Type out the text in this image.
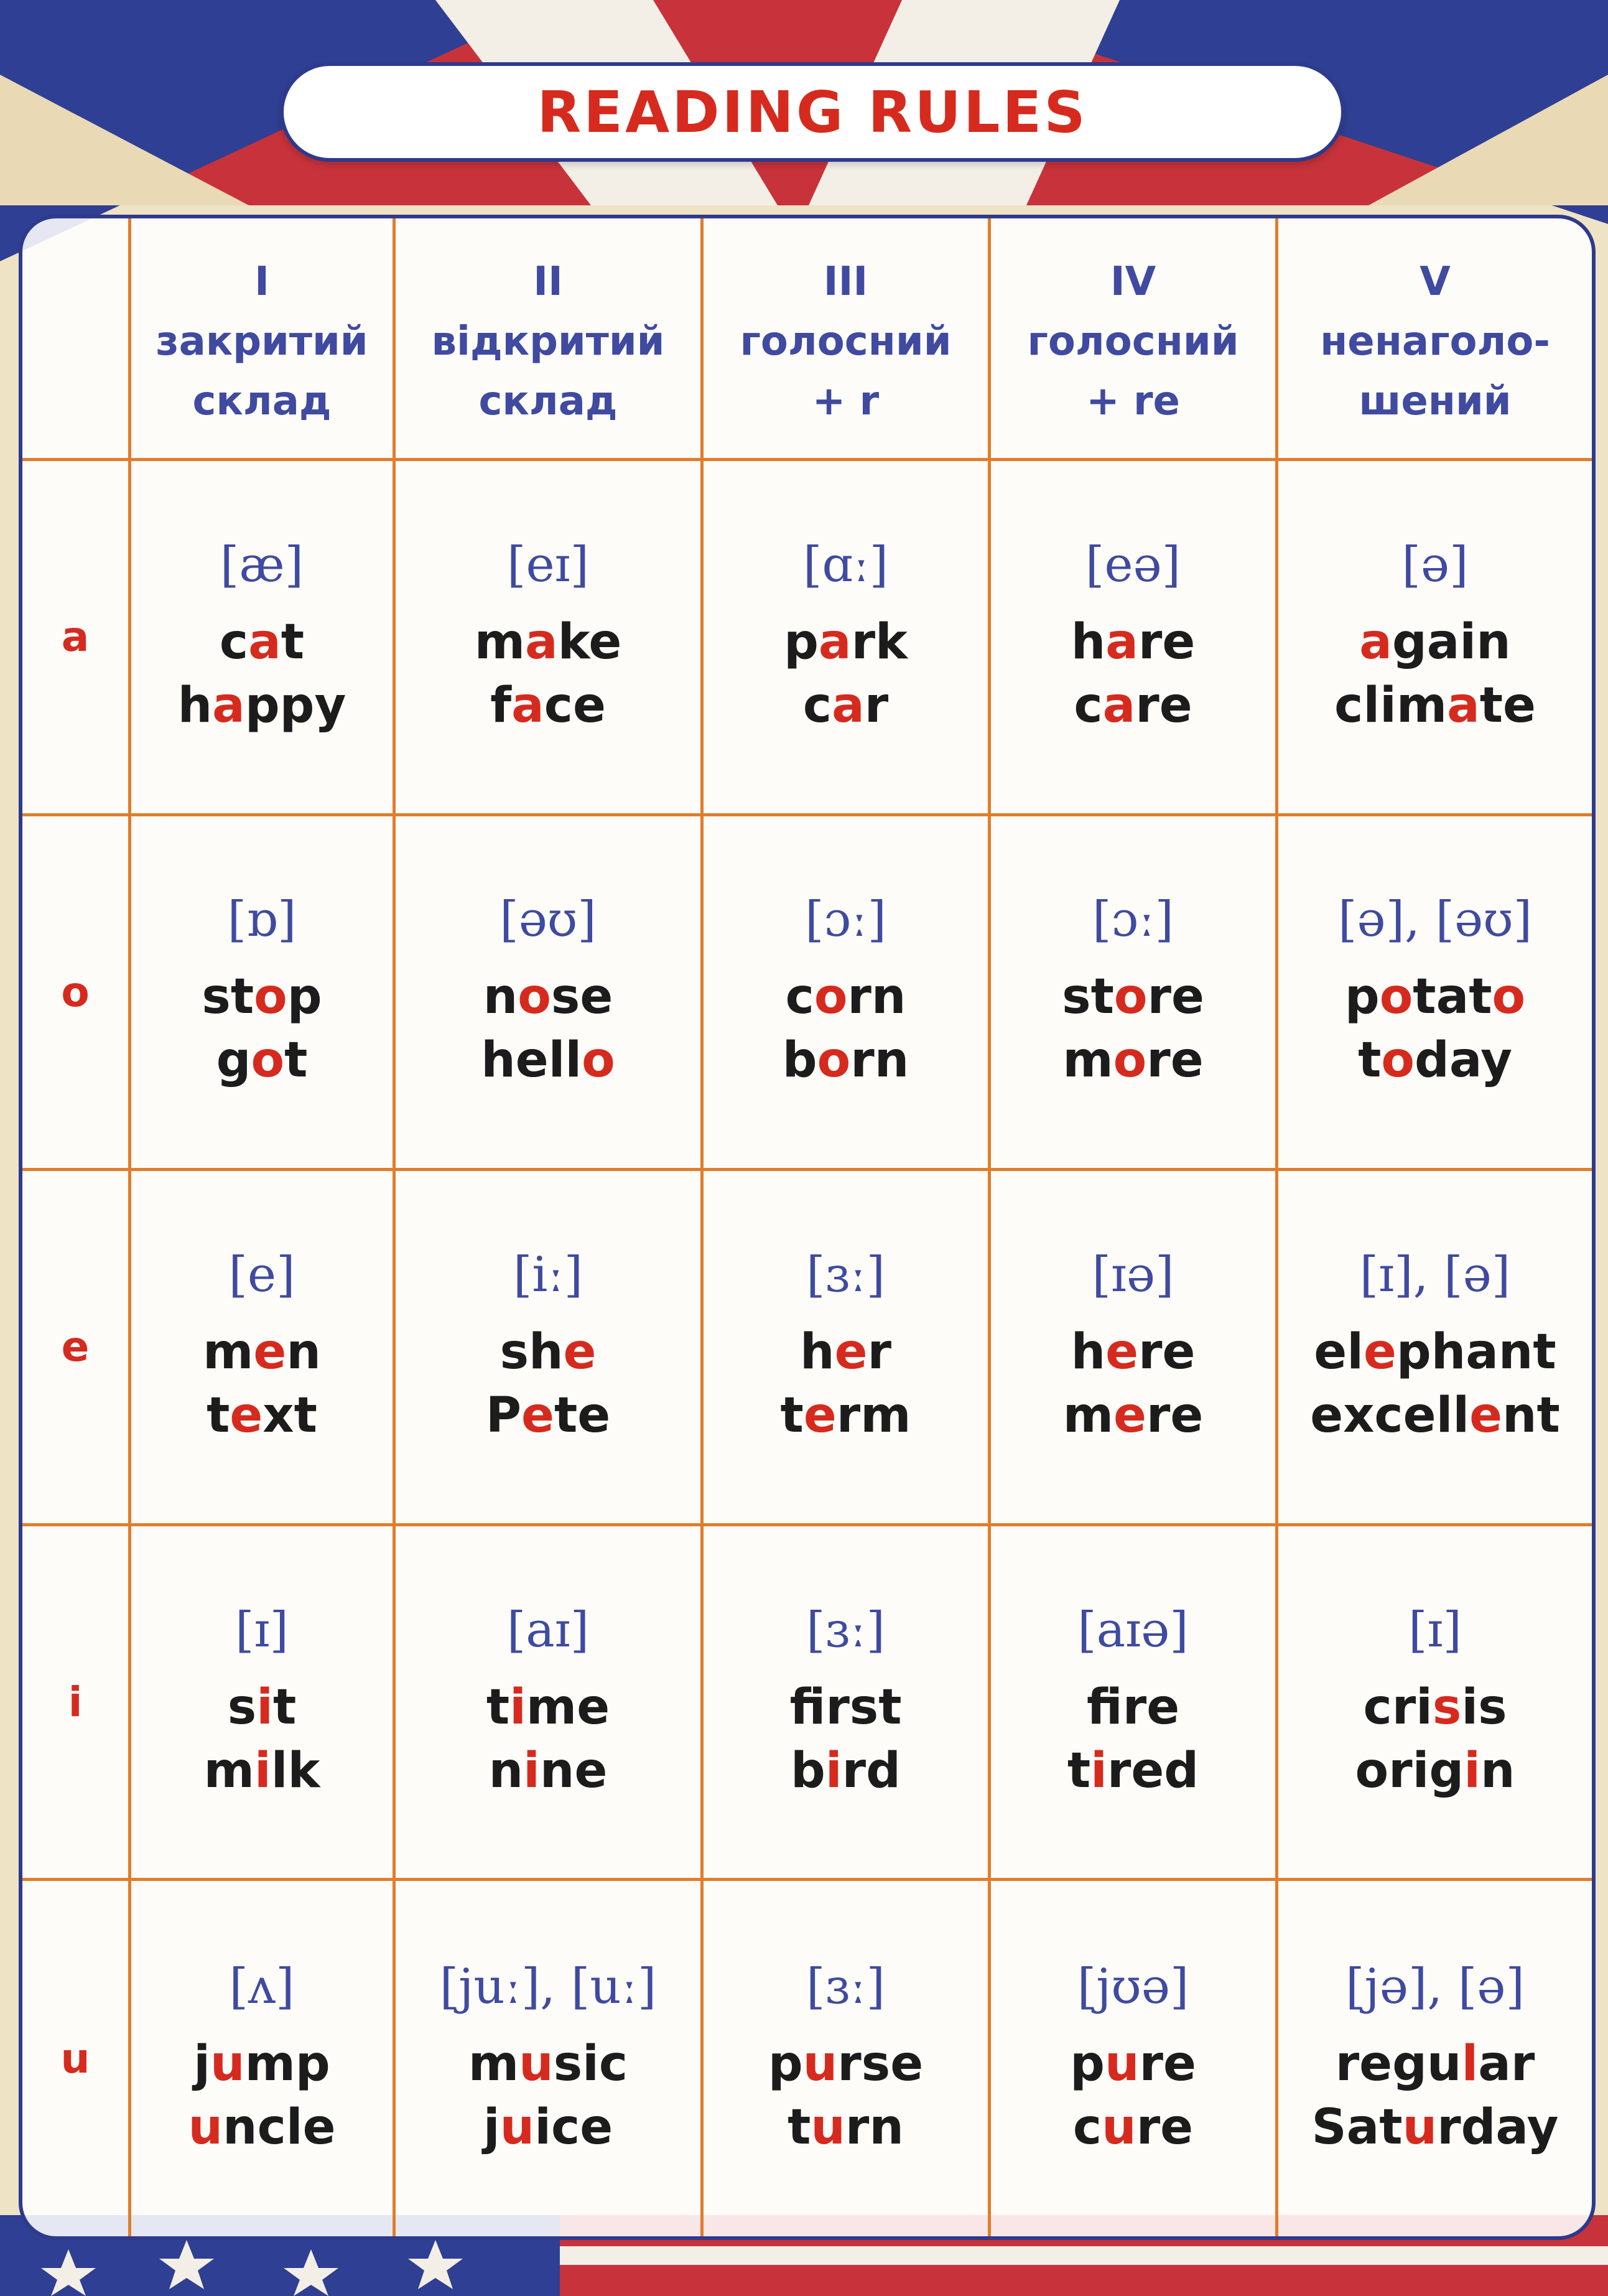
READING RULES
I
закритий
склад
II
відкритий
склад
III
голосний
+ r
IV
голосний
+ re
V
ненаголо-
шений
a
[æ]
cat
happy
[eɪ]
make
face
[ɑː]
park
car
[eə]
hare
care
[ə]
again
climate
o
[ɒ]
stop
got
[əʊ]
nose
hello
[ɔː]
corn
born
[ɔː]
store
more
[ə], [əʊ]
potato
today
e
[e]
men
text
[iː]
she
Pete
[ɜː]
her
term
[ɪə]
here
mere
[ɪ], [ə]
elephant
excellent
i
[ɪ]
sit
milk
[aɪ]
time
nine
[ɜː]
frst
bird
[aɪə]
fre
tired
[ɪ]
crisis
origin
u
[ʌ]
jump
uncle
[juː], [uː]
music
juice
[ɜː]
purse
turn
[jʊə]
pure
cure
[jə], [ə]
regular
Saturday
